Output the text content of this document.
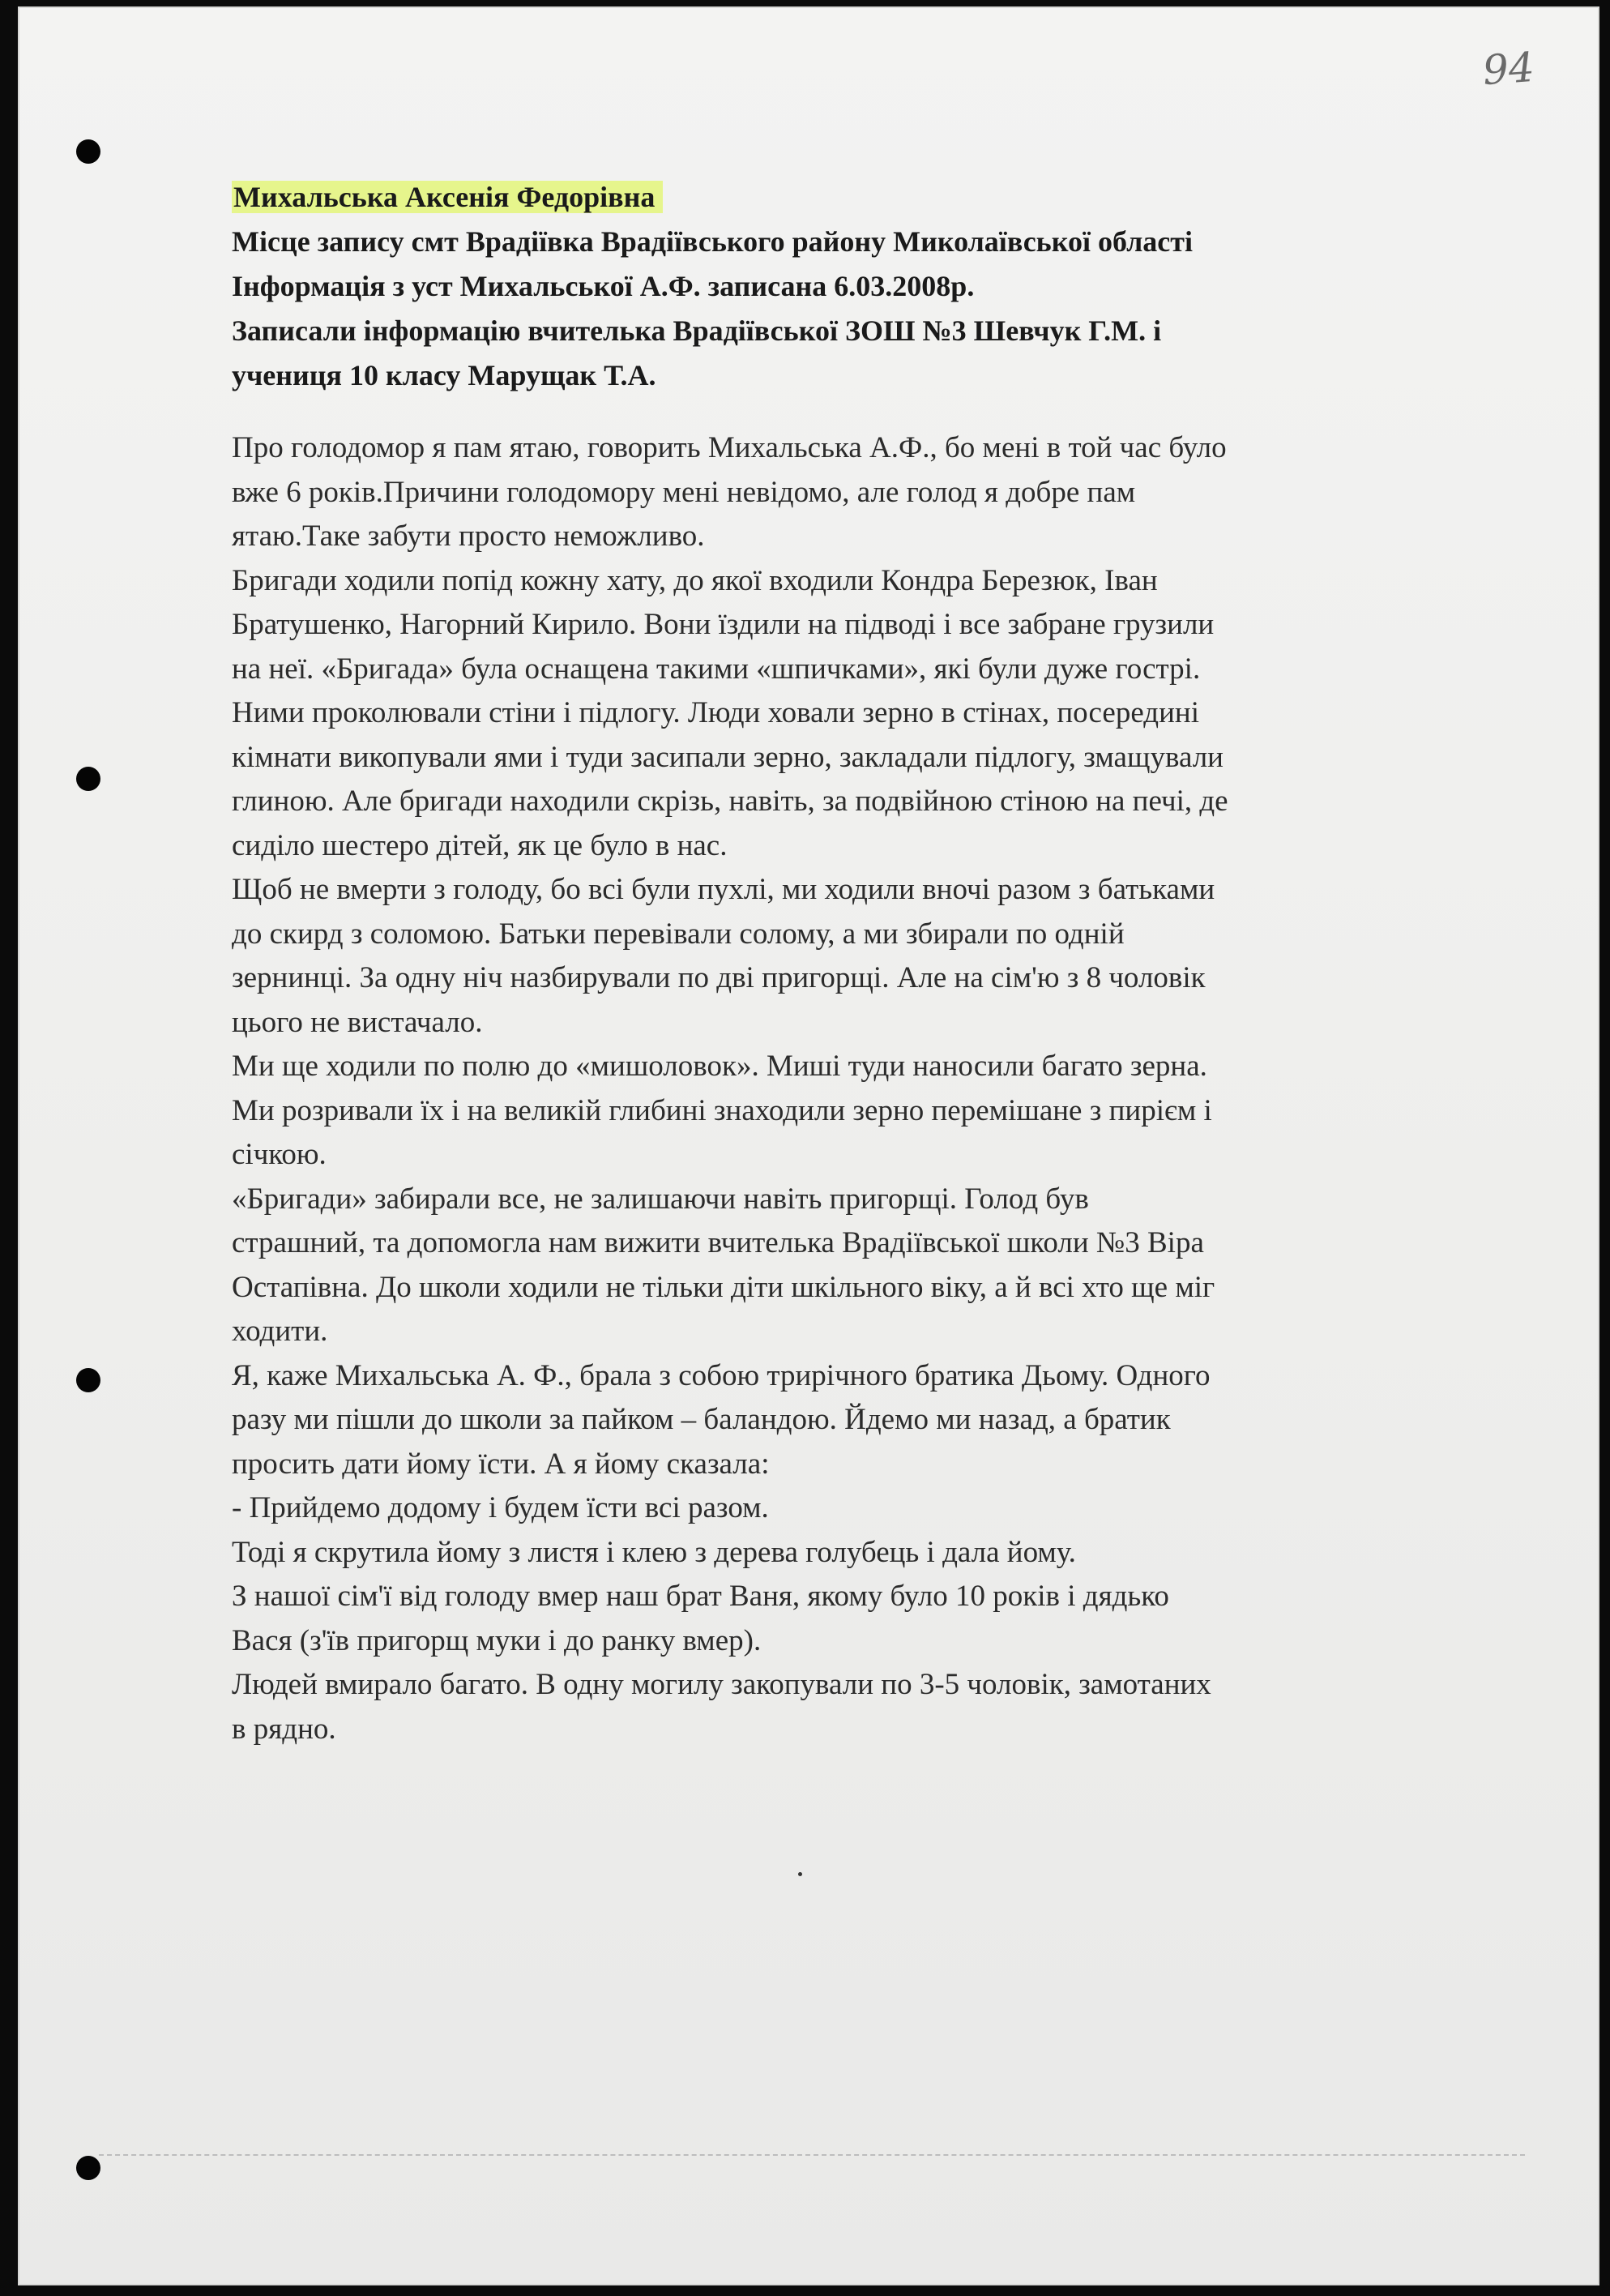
94
Михальська Аксенія Федорівна
Місце запису смт Врадіївка Врадіївського району Миколаївської області
Інформація з уст Михальської А.Ф. записана 6.03.2008р.
Записали інформацію вчителька Врадіївської ЗОШ №3 Шевчук Г.М. і
учениця 10 класу Марущак Т.А.
Про голодомор я пам ятаю, говорить Михальська А.Ф., бо мені в той час було
вже 6 років.Причини голодомору мені невідомо, але голод я добре пам
ятаю.Таке забути просто неможливо.
Бригади ходили попід кожну хату, до якої входили Кондра Березюк, Іван
Братушенко, Нагорний Кирило. Вони їздили на підводі і все забране грузили
на неї. «Бригада» була оснащена такими «шпичками», які були дуже гострі.
Ними проколювали стіни і підлогу. Люди ховали зерно в стінах, посередині
кімнати викопували ями і туди засипали зерно, закладали підлогу, змащували
глиною. Але бригади находили скрізь, навіть, за подвійною стіною на печі, де
сиділо шестеро дітей, як це було в нас.
Щоб не вмерти з голоду, бо всі були пухлі, ми ходили вночі разом з батьками
до скирд з соломою. Батьки перевівали солому, а ми збирали по одній
зернинці. За одну ніч назбирували по дві пригорщі. Але на сім'ю з 8 чоловік
цього не вистачало.
Ми ще ходили по полю до «мишоловок». Миші туди наносили багато зерна.
Ми розривали їх і на великій глибині знаходили зерно перемішане з пирієм і
січкою.
«Бригади» забирали все, не залишаючи навіть пригорщі. Голод був
страшний, та допомогла нам вижити вчителька Врадіївської школи №3 Віра
Остапівна. До школи ходили не тільки діти шкільного віку, а й всі хто ще міг
ходити.
Я, каже Михальська А. Ф., брала з собою трирічного братика Дьому. Одного
разу ми пішли до школи за пайком – баландою. Йдемо ми назад, а братик
просить дати йому їсти. А я йому сказала:
- Прийдемо додому і будем їсти всі разом.
Тоді я скрутила йому з листя і клею з дерева голубець і дала йому.
З нашої сім'ї від голоду вмер наш брат Ваня, якому було 10 років і дядько
Вася (з'їв пригорщ муки і до ранку вмер).
Людей вмирало багато. В одну могилу закопували по 3-5 чоловік, замотаних
в рядно.
